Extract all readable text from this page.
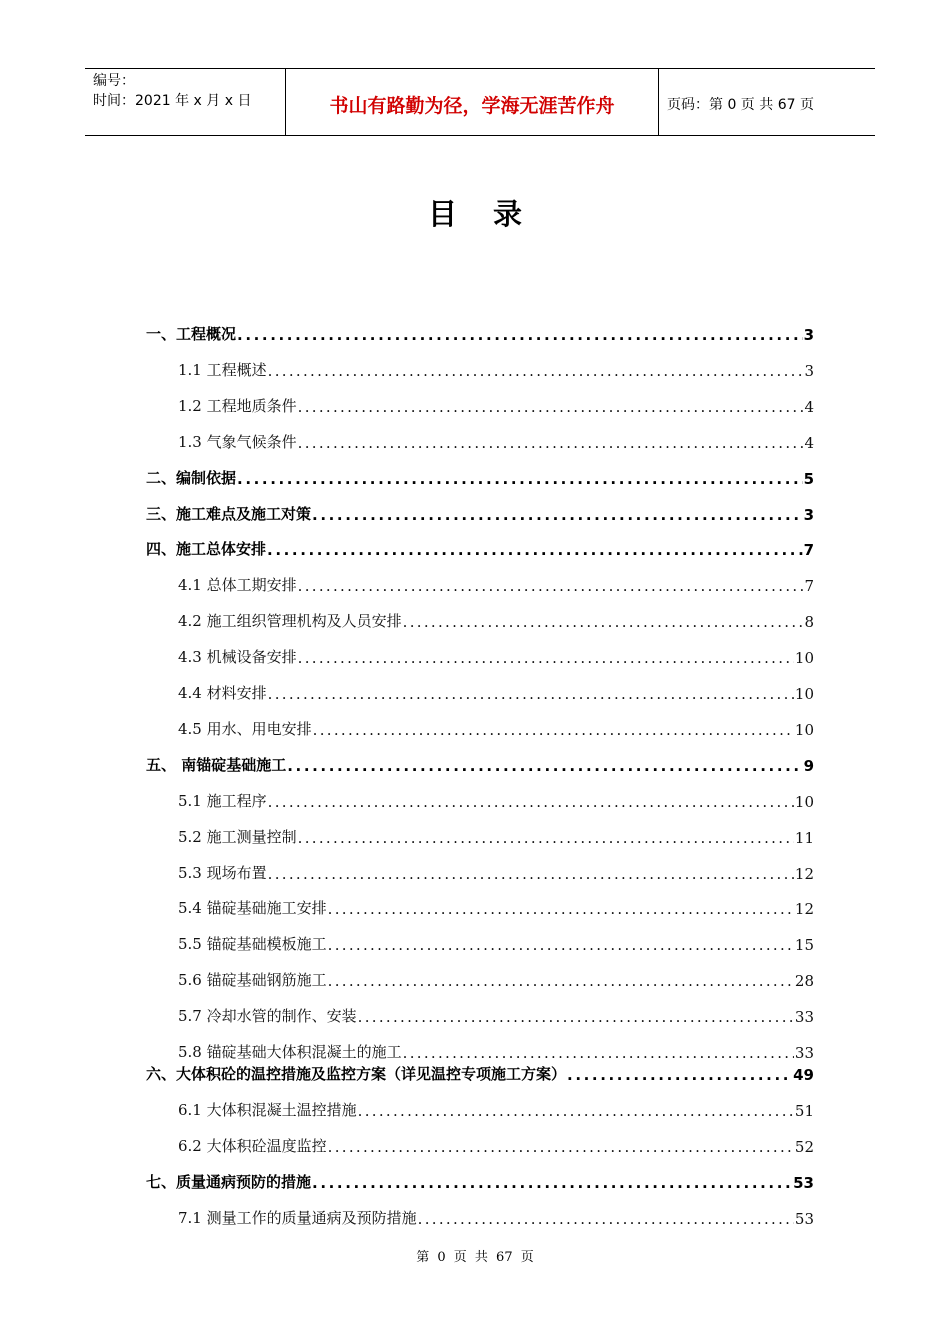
编号：
时间：2021 年 x 月 x 日	书山有路勤为径，学海无涯苦作舟	页码：第 0 页 共 67 页
目录
一、工程概况 .....	3
1.1 工程概述 .....	3
1.2 工程地质条件 .....	4
1.3 气象气候条件 .....	4
二、编制依据 .....	5
三、施工难点及施工对策 .....	3
四、施工总体安排 .....	7
4.1 总体工期安排 .....	7
4.2 施工组织管理机构及人员安排 .....	8
4.3 机械设备安排 .....	10
4.4 材料安排 .....	10
4.5 用水、用电安排 .....	10
五、 南锚碇基础施工 .....	9
5.1 施工程序 .....	10
5.2 施工测量控制 .....	11
5.3 现场布置 .....	12
5.4 锚碇基础施工安排 .....	12
5.5 锚碇基础模板施工 .....	15
5.6 锚碇基础钢筋施工 .....	28
5.7 冷却水管的制作、安装 .....	33
5.8 锚碇基础大体积混凝土的施工 .....	33
六、大体积砼的温控措施及监控方案（详见温控专项施工方案） .....	49
6.1 大体积混凝土温控措施 .....	51
6.2 大体积砼温度监控 .....	52
七、质量通病预防的措施 .....	53
7.1 测量工作的质量通病及预防措施 .....	53
第 0 页 共 67 页
